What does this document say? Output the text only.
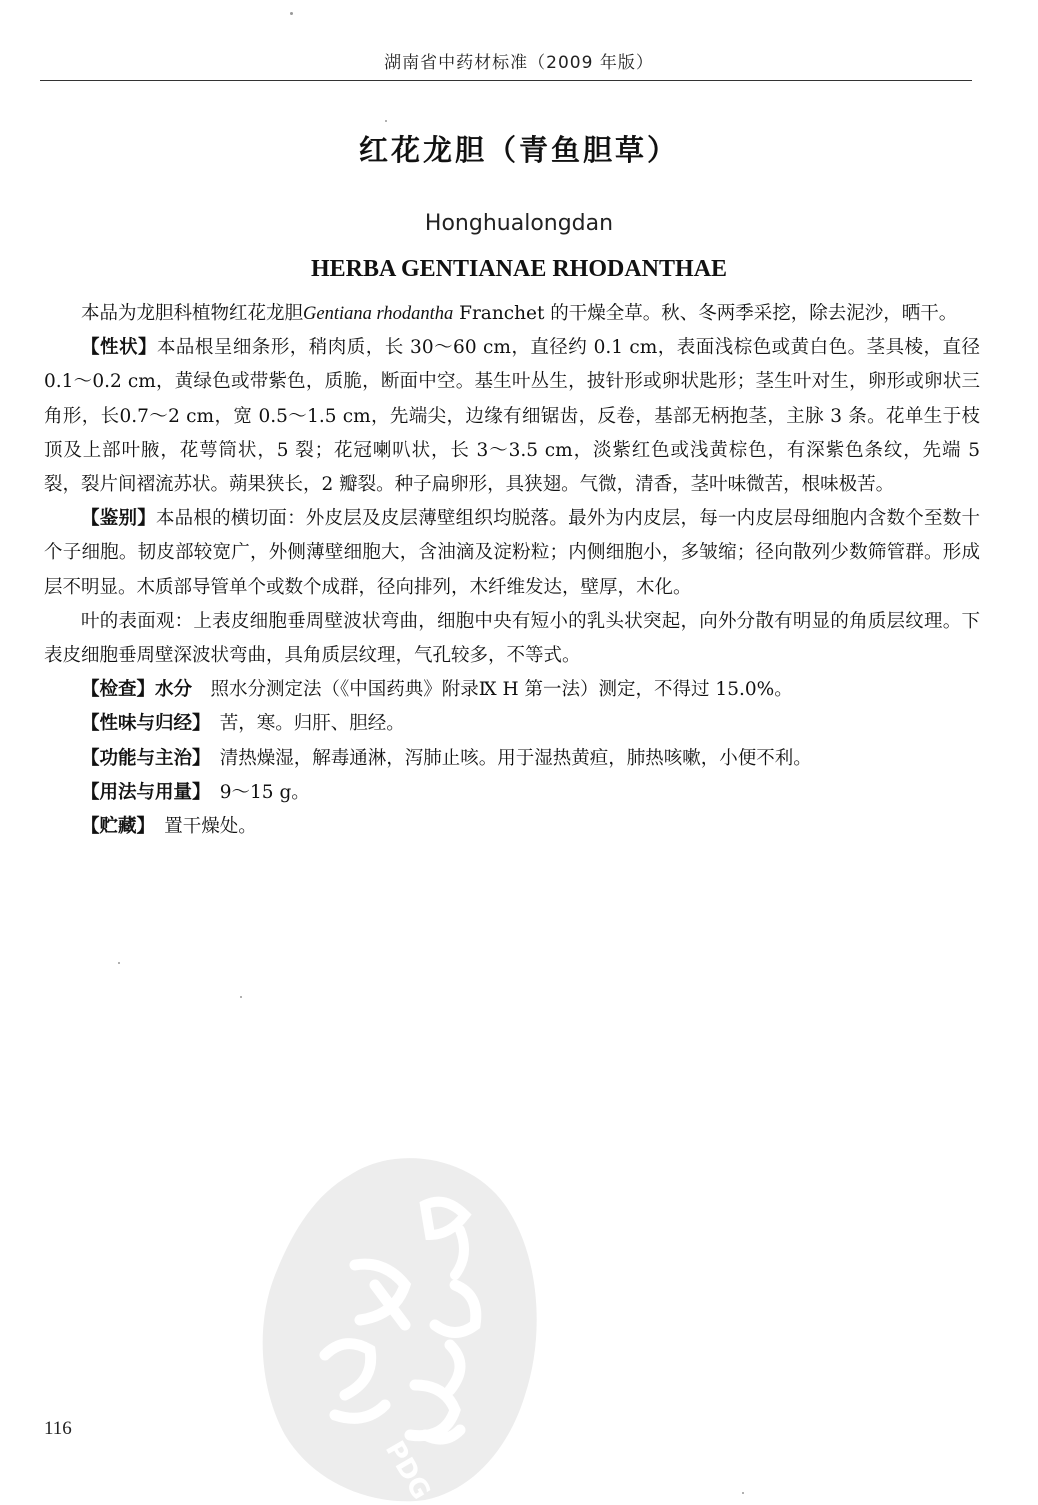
湖南省中药材标准（2009 年版）
红花龙胆（青鱼胆草）
Honghualongdan
HERBA GENTIANAE RHODANTHAE

本品为龙胆科植物红花龙胆Gentiana rhodantha Franchet 的干燥全草。秋、冬两季采挖，除去泥沙，晒干。

【性状】本品根呈细条形，稍肉质，长 30～60 cm，直径约 0.1 cm，表面浅棕色或黄白色。茎具棱，直径 0.1～0.2 cm，黄绿色或带紫色，质脆，断面中空。基生叶丛生，披针形或卵状匙形；茎生叶对生，卵形或卵状三角形，长0.7～2 cm，宽 0.5～1.5 cm，先端尖，边缘有细锯齿，反卷，基部无柄抱茎，主脉 3 条。花单生于枝顶及上部叶腋，花萼筒状，5 裂；花冠喇叭状，长 3～3.5 cm，淡紫红色或浅黄棕色，有深紫色条纹，先端 5 裂，裂片间褶流苏状。蒴果狭长，2 瓣裂。种子扁卵形，具狭翅。气微，清香，茎叶味微苦，根味极苦。

【鉴别】本品根的横切面：外皮层及皮层薄壁组织均脱落。最外为内皮层，每一内皮层母细胞内含数个至数十个子细胞。韧皮部较宽广，外侧薄壁细胞大，含油滴及淀粉粒；内侧细胞小，多皱缩；径向散列少数筛管群。形成层不明显。木质部导管单个或数个成群，径向排列，木纤维发达，壁厚，木化。

叶的表面观：上表皮细胞垂周壁波状弯曲，细胞中央有短小的乳头状突起，向外分散有明显的角质层纹理。下表皮细胞垂周壁深波状弯曲，具角质层纹理，气孔较多，不等式。

【检查】水分　 照水分测定法（《中国药典》附录Ⅸ H 第一法）测定，不得过 15.0%。

【性味与归经】  苦，寒。归肝、胆经。

【功能与主治】  清热燥湿，解毒通淋，泻肺止咳。用于湿热黄疸，肺热咳嗽，小便不利。

【用法与用量】  9～15 g。

【贮藏】  置干燥处。

116
PDG
